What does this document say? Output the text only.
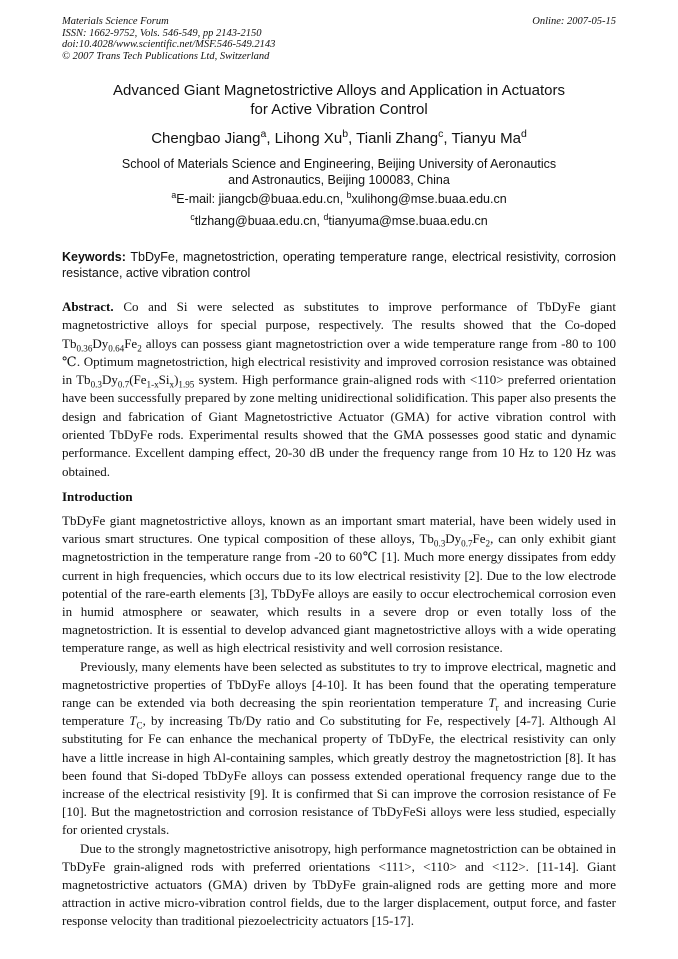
Materials Science Forum
ISSN: 1662-9752, Vols. 546-549, pp 2143-2150
doi:10.4028/www.scientific.net/MSF.546-549.2143
© 2007 Trans Tech Publications Ltd, Switzerland
Online: 2007-05-15
Advanced Giant Magnetostrictive Alloys and Application in Actuators
for Active Vibration Control
Chengbao Jiang$^a$, Lihong Xu$^b$, Tianli Zhang$^c$, Tianyu Ma$^d$
School of Materials Science and Engineering, Beijing University of Aeronautics
and Astronautics, Beijing 100083, China
$^a$E-mail: jiangcb@buaa.edu.cn, $^b$xulihong@mse.buaa.edu.cn
$^c$tlzhang@buaa.edu.cn, $^d$tianyuma@mse.buaa.edu.cn
Keywords: TbDyFe, magnetostriction, operating temperature range, electrical resistivity, corrosion resistance, active vibration control
Abstract. Co and Si were selected as substitutes to improve performance of TbDyFe giant magnetostrictive alloys for special purpose, respectively. The results showed that the Co-doped $Tb_{0.36}Dy_{0.64}Fe_2$ alloys can possess giant magnetostriction over a wide temperature range from -80 to 100 ℃. Optimum magnetostriction, high electrical resistivity and improved corrosion resistance was obtained in $Tb_{0.3}Dy_{0.7}(Fe_{1-x}Si_x)_{1.95}$ system. High performance grain-aligned rods with <110> preferred orientation have been successfully prepared by zone melting unidirectional solidification. This paper also presents the design and fabrication of Giant Magnetostrictive Actuator (GMA) for active vibration control with oriented TbDyFe rods. Experimental results showed that the GMA possesses good static and dynamic performance. Excellent damping effect, 20-30 dB under the frequency range from 10 Hz to 120 Hz was obtained.
Introduction

TbDyFe giant magnetostrictive alloys, known as an important smart material, have been widely used in various smart structures. One typical composition of these alloys, $Tb_{0.3}Dy_{0.7}Fe_2$, can only exhibit giant magnetostriction in the temperature range from -20 to 60℃ [1]. Much more energy dissipates from eddy current in high frequencies, which occurs due to its low electrical resistivity [2]. Due to the low electrode potential of the rare-earth elements [3], TbDyFe alloys are easily to occur electrochemical corrosion even in humid atmosphere or seawater, which results in a severe drop or even totally loss of the magnetostriction. It is essential to develop advanced giant magnetostrictive alloys with a wide operating temperature range, as well as high electrical resistivity and well corrosion resistance.

Previously, many elements have been selected as substitutes to try to improve electrical, magnetic and magnetostrictive properties of TbDyFe alloys [4-10]. It has been found that the operating temperature range can be extended via both decreasing the spin reorientation temperature $T_r$ and increasing Curie temperature $T_C$, by increasing Tb/Dy ratio and Co substituting for Fe, respectively [4-7]. Although Al substituting for Fe can enhance the mechanical property of TbDyFe, the electrical resistivity can only have a little increase in high Al-containing samples, which greatly destroy the magnetostriction [8]. It has been found that Si-doped TbDyFe alloys can possess extended operational frequency range due to the increase of the electrical resistivity [9]. It is confirmed that Si can improve the corrosion resistance of Fe [10]. But the magnetostriction and corrosion resistance of TbDyFeSi alloys were less studied, especially for oriented crystals.

Due to the strongly magnetostrictive anisotropy, high performance magnetostriction can be obtained in TbDyFe grain-aligned rods with preferred orientations <111>, <110> and <112>. [11-14]. Giant magnetostrictive actuators (GMA) driven by TbDyFe grain-aligned rods are getting more and more attraction in active micro-vibration control fields, due to the larger displacement, output force, and faster response velocity than traditional piezoelectricity actuators [15-17].
